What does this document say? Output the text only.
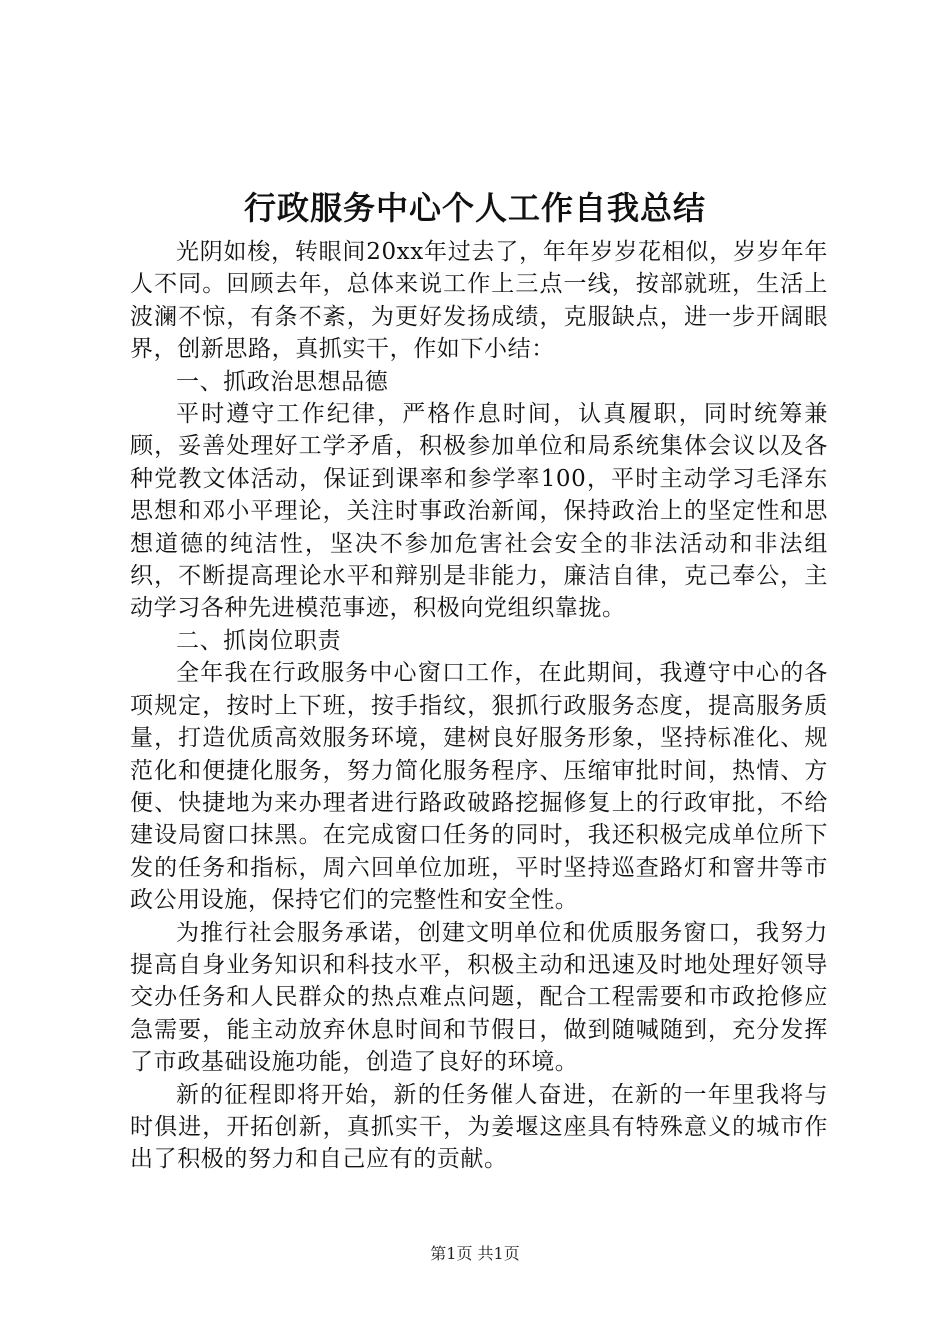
行政服务中心个人工作自我总结

光阴如梭，转眼间20xx年过去了，年年岁岁花相似，岁岁年年人不同。回顾去年，总体来说工作上三点一线，按部就班，生活上波澜不惊，有条不紊，为更好发扬成绩，克服缺点，进一步开阔眼界，创新思路，真抓实干，作如下小结：

一、抓政治思想品德

平时遵守工作纪律，严格作息时间，认真履职，同时统筹兼顾，妥善处理好工学矛盾，积极参加单位和局系统集体会议以及各种党教文体活动，保证到课率和参学率100，平时主动学习毛泽东思想和邓小平理论，关注时事政治新闻，保持政治上的坚定性和思想道德的纯洁性，坚决不参加危害社会安全的非法活动和非法组织，不断提高理论水平和辩别是非能力，廉洁自律，克己奉公，主动学习各种先进模范事迹，积极向党组织靠拢。

二、抓岗位职责

全年我在行政服务中心窗口工作，在此期间，我遵守中心的各项规定，按时上下班，按手指纹，狠抓行政服务态度，提高服务质量，打造优质高效服务环境，建树良好服务形象，坚持标准化、规范化和便捷化服务，努力简化服务程序、压缩审批时间，热情、方便、快捷地为来办理者进行路政破路挖掘修复上的行政审批，不给建设局窗口抹黑。在完成窗口任务的同时，我还积极完成单位所下发的任务和指标，周六回单位加班，平时坚持巡查路灯和窨井等市政公用设施，保持它们的完整性和安全性。

为推行社会服务承诺，创建文明单位和优质服务窗口，我努力提高自身业务知识和科技水平，积极主动和迅速及时地处理好领导交办任务和人民群众的热点难点问题，配合工程需要和市政抢修应急需要，能主动放弃休息时间和节假日，做到随喊随到，充分发挥了市政基础设施功能，创造了良好的环境。

新的征程即将开始，新的任务催人奋进，在新的一年里我将与时俱进，开拓创新，真抓实干，为姜堰这座具有特殊意义的城市作出了积极的努力和自己应有的贡献。

第1页 共1页
